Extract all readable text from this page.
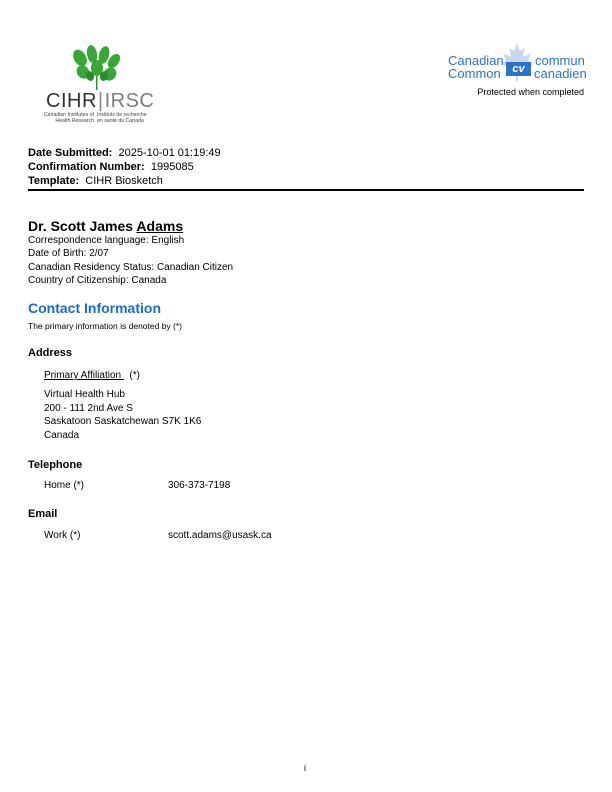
CIHR|IRSC
Canadian Institutes of
Health Research
Instituts de recherche
en santé du Canada
Canadian
Common	cv
commun
canadien
Protected when completed
Date Submitted: 2025-10-01 01:19:49
Confirmation Number: 1995085
Template: CIHR Biosketch
Dr. Scott James Adams
Correspondence language: English
Date of Birth: 2/07
Canadian Residency Status: Canadian Citizen
Country of Citizenship: Canada
Contact Information
The primary information is denoted by (*)
Address
Primary Affiliation   (*)
Virtual Health Hub
200 - 111 2nd Ave S
Saskatoon Saskatchewan S7K 1K6
Canada
Telephone
Home (*)	306-373-7198
Email
Work (*)	scott.adams@usask.ca
i
